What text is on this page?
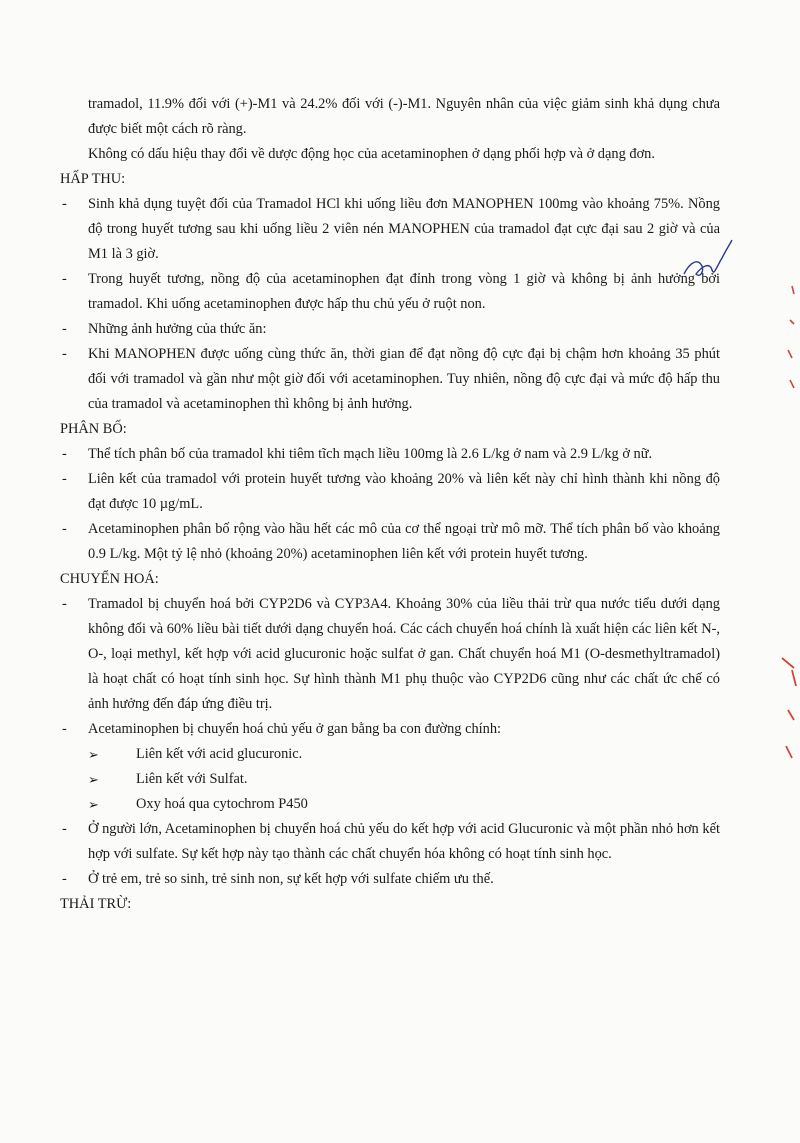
tramadol, 11.9% đối với (+)-M1 và 24.2% đối với (-)-M1. Nguyên nhân của việc giảm sinh khả dụng chưa được biết một cách rõ ràng.

Không có dấu hiệu thay đổi về dược động học của acetaminophen ở dạng phối hợp và ở dạng đơn.

HẤP THU:

-	Sinh khả dụng tuyệt đối của Tramadol HCl khi uống liều đơn MANOPHEN 100mg vào khoảng 75%. Nồng độ trong huyết tương sau khi uống liều 2 viên nén MANOPHEN của tramadol đạt cực đại sau 2 giờ và của M1 là 3 giờ.

-	Trong huyết tương, nồng độ của acetaminophen đạt đỉnh trong vòng 1 giờ và không bị ảnh hưởng bởi tramadol. Khi uống acetaminophen được hấp thu chủ yếu ở ruột non.

-	Những ảnh hưởng của thức ăn:

-	Khi MANOPHEN được uống cùng thức ăn, thời gian để đạt nồng độ cực đại bị chậm hơn khoảng 35 phút đối với tramadol và gần như một giờ đối với acetaminophen. Tuy nhiên, nồng độ cực đại và mức độ hấp thu của tramadol và acetaminophen thì không bị ảnh hưởng.

PHÂN BỐ:

-	Thể tích phân bố của tramadol khi tiêm tĩch mạch liều 100mg là 2.6 L/kg ở nam và 2.9 L/kg ở nữ.

-	Liên kết của tramadol với protein huyết tương vào khoảng 20% và liên kết này chỉ hình thành khi nồng độ đạt được 10 µg/mL.

-	Acetaminophen phân bố rộng vào hầu hết các mô của cơ thể ngoại trừ mô mỡ. Thể tích phân bố vào khoảng 0.9 L/kg. Một tỷ lệ nhỏ (khoảng 20%) acetaminophen liên kết với protein huyết tương.

CHUYỂN HOÁ:

-	Tramadol bị chuyển hoá bởi CYP2D6 và CYP3A4. Khoảng 30% của liều thải trừ qua nước tiểu dưới dạng không đổi và 60% liều bài tiết dưới dạng chuyển hoá. Các cách chuyển hoá chính là xuất hiện các liên kết N-, O-, loại methyl, kết hợp với acid glucuronic hoặc sulfat ở gan. Chất chuyển hoá M1 (O-desmethyltramadol) là hoạt chất có hoạt tính sinh học. Sự hình thành M1 phụ thuộc vào CYP2D6 cũng như các chất ức chế có ảnh hưởng đến đáp ứng điều trị.

-	Acetaminophen bị chuyển hoá chủ yếu ở gan bằng ba con đường chính:

➢	Liên kết với acid glucuronic.

➢	Liên kết với Sulfat.

➢	Oxy hoá qua cytochrom P450

-	Ở người lớn, Acetaminophen bị chuyển hoá chủ yếu do kết hợp với acid Glucuronic và một phần nhỏ hơn kết hợp với sulfate. Sự kết hợp này tạo thành các chất chuyển hóa không có hoạt tính sinh học.

-	Ở trẻ em, trẻ so sinh, trẻ sinh non, sự kết hợp với sulfate chiếm ưu thế.

THẢI TRỪ:
